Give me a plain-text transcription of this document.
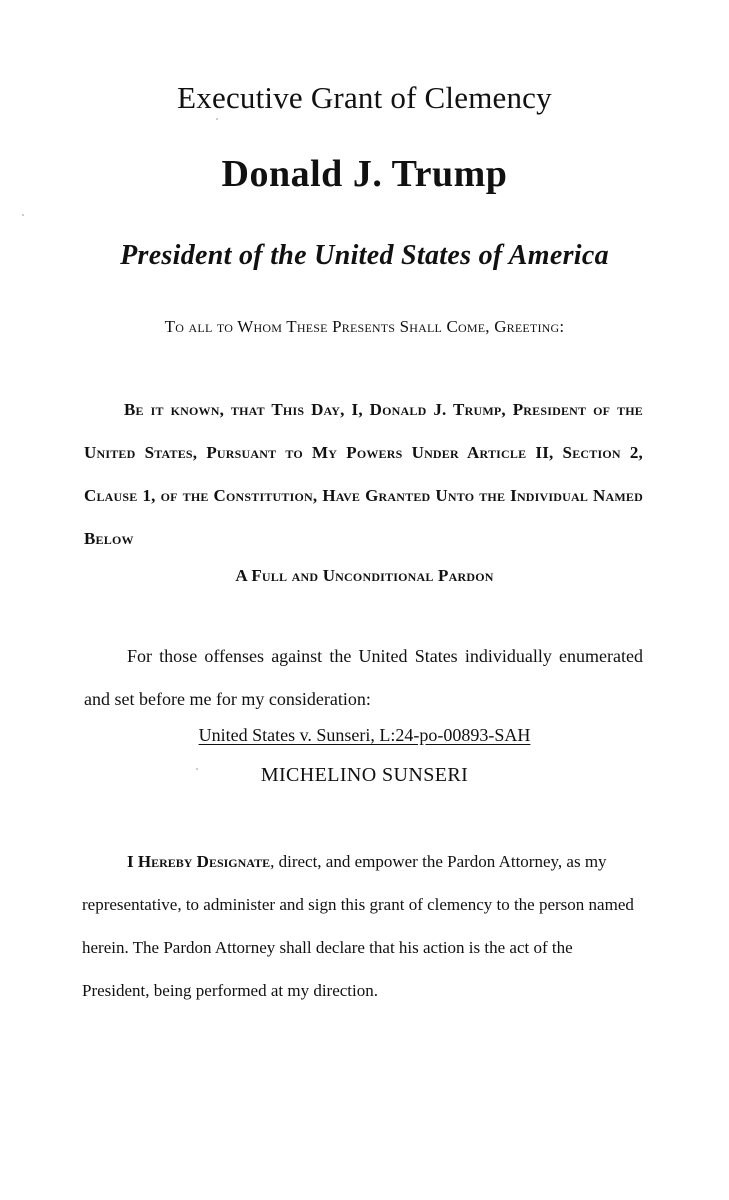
Executive Grant of Clemency
Donald J. Trump
President of the United States of America

To all to Whom These Presents Shall Come, Greeting:

Be it known, that This Day, I, Donald J. Trump, President of the United States, Pursuant to My Powers Under Article II, Section 2, Clause 1, of the Constitution, Have Granted Unto the Individual Named Below

A Full and Unconditional Pardon

For those offenses against the United States individually enumerated and set before me for my consideration:

United States v. Sunseri, L:24-po-00893-SAH

MICHELINO SUNSERI

I Hereby Designate, direct, and empower the Pardon Attorney, as my representative, to administer and sign this grant of clemency to the person named herein. The Pardon Attorney shall declare that his action is the act of the President, being performed at my direction.
